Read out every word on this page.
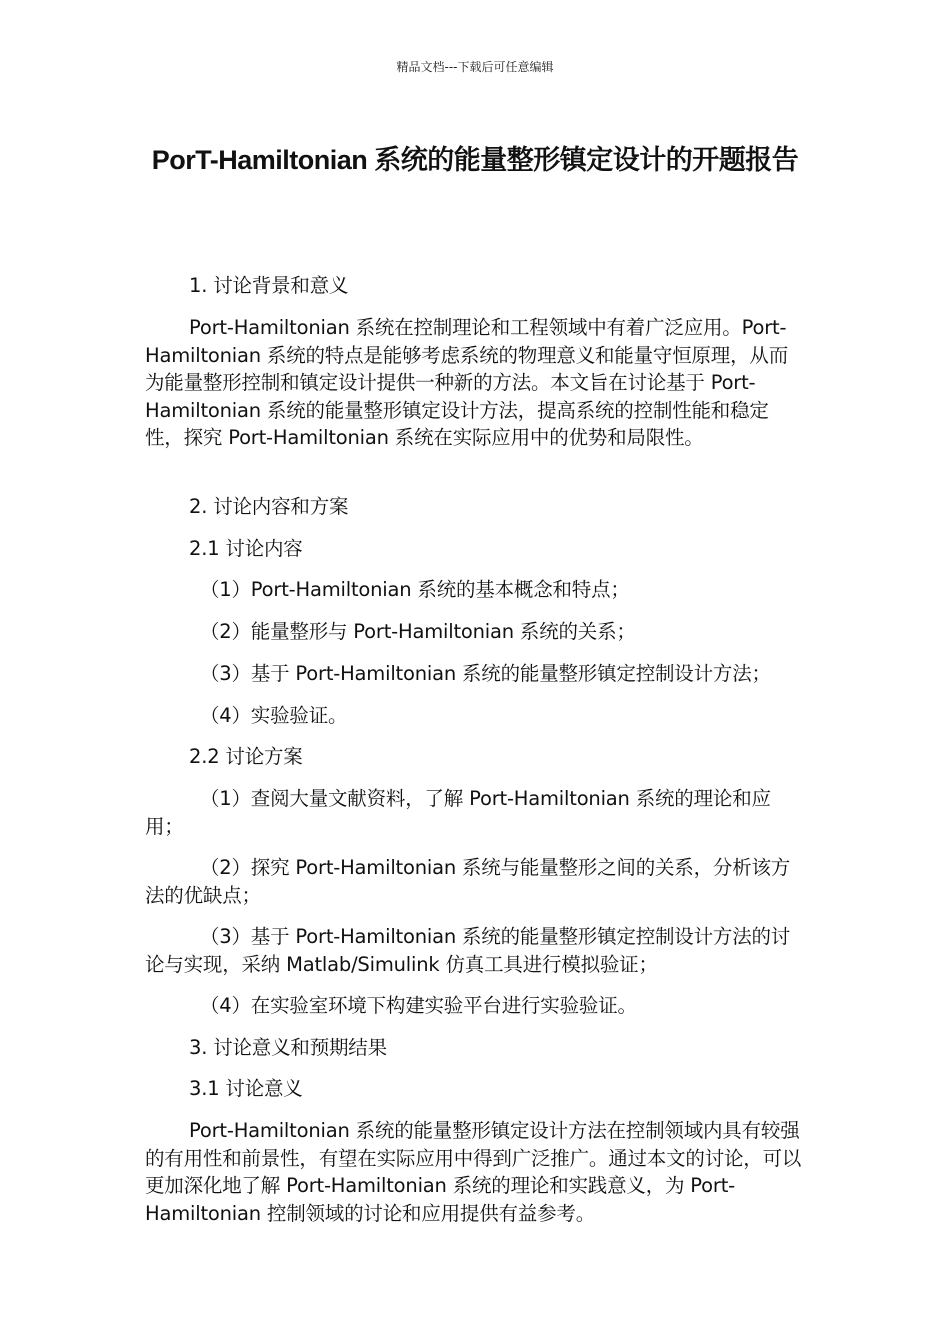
精品文档---下载后可任意编辑
PorT-Hamiltonian 系统的能量整形镇定设计的开题报告

1. 讨论背景和意义

Port-Hamiltonian 系统在控制理论和工程领域中有着广泛应用。Port-Hamiltonian 系统的特点是能够考虑系统的物理意义和能量守恒原理，从而为能量整形控制和镇定设计提供一种新的方法。本文旨在讨论基于 Port-Hamiltonian 系统的能量整形镇定设计方法，提高系统的控制性能和稳定性，探究 Port-Hamiltonian 系统在实际应用中的优势和局限性。

2. 讨论内容和方案

2.1 讨论内容

（1）Port-Hamiltonian 系统的基本概念和特点；

（2）能量整形与 Port-Hamiltonian 系统的关系；

（3）基于 Port-Hamiltonian 系统的能量整形镇定控制设计方法；

（4）实验验证。

2.2 讨论方案

（1）查阅大量文献资料，了解 Port-Hamiltonian 系统的理论和应用；

（2）探究 Port-Hamiltonian 系统与能量整形之间的关系，分析该方法的优缺点；

（3）基于 Port-Hamiltonian 系统的能量整形镇定控制设计方法的讨论与实现，采纳 Matlab/Simulink 仿真工具进行模拟验证；

（4）在实验室环境下构建实验平台进行实验验证。

3. 讨论意义和预期结果

3.1 讨论意义

Port-Hamiltonian 系统的能量整形镇定设计方法在控制领域内具有较强的有用性和前景性，有望在实际应用中得到广泛推广。通过本文的讨论，可以更加深化地了解 Port-Hamiltonian 系统的理论和实践意义，为 Port-Hamiltonian 控制领域的讨论和应用提供有益参考。
